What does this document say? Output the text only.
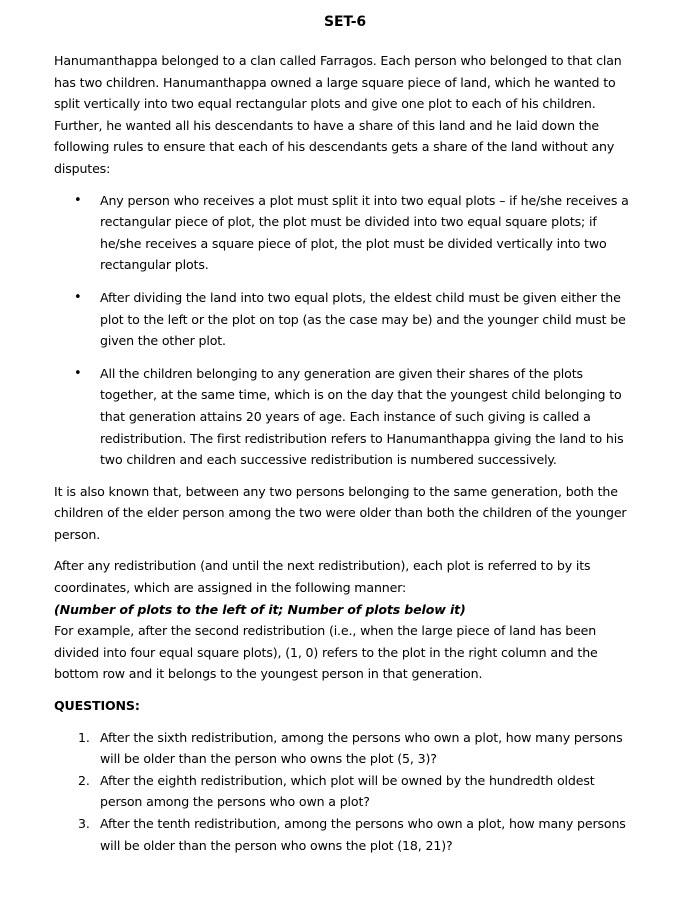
SET-6

Hanumanthappa belonged to a clan called Farragos. Each person who belonged to that clan has two children. Hanumanthappa owned a large square piece of land, which he wanted to split vertically into two equal rectangular plots and give one plot to each of his children. Further, he wanted all his descendants to have a share of this land and he laid down the following rules to ensure that each of his descendants gets a share of the land without any disputes:

• Any person who receives a plot must split it into two equal plots – if he/she receives a rectangular piece of plot, the plot must be divided into two equal square plots; if he/she receives a square piece of plot, the plot must be divided vertically into two rectangular plots.
• After dividing the land into two equal plots, the eldest child must be given either the plot to the left or the plot on top (as the case may be) and the younger child must be given the other plot.
• All the children belonging to any generation are given their shares of the plots together, at the same time, which is on the day that the youngest child belonging to that generation attains 20 years of age. Each instance of such giving is called a redistribution. The first redistribution refers to Hanumanthappa giving the land to his two children and each successive redistribution is numbered successively.

It is also known that, between any two persons belonging to the same generation, both the children of the elder person among the two were older than both the children of the younger person.

After any redistribution (and until the next redistribution), each plot is referred to by its coordinates, which are assigned in the following manner:

(Number of plots to the left of it; Number of plots below it)

For example, after the second redistribution (i.e., when the large piece of land has been divided into four equal square plots), (1, 0) refers to the plot in the right column and the bottom row and it belongs to the youngest person in that generation.

QUESTIONS:

1. After the sixth redistribution, among the persons who own a plot, how many persons will be older than the person who owns the plot (5, 3)?
2. After the eighth redistribution, which plot will be owned by the hundredth oldest person among the persons who own a plot?
3. After the tenth redistribution, among the persons who own a plot, how many persons will be older than the person who owns the plot (18, 21)?
